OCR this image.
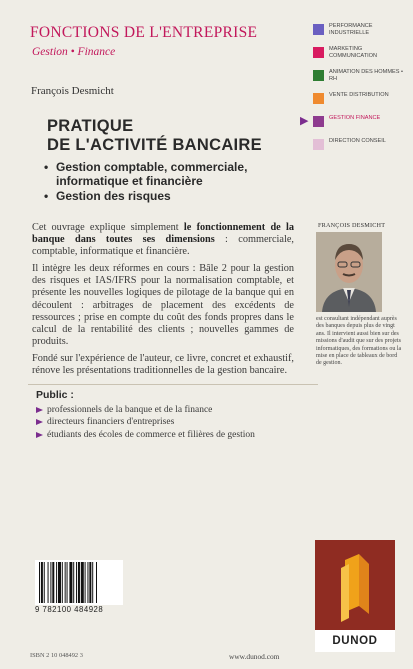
FONCTIONS DE L'ENTREPRISE
Gestion • Finance
François Desmicht
PRATIQUE
DE L'ACTIVITÉ BANCAIRE
• Gestion comptable, commerciale, informatique et financière
• Gestion des risques
PERFORMANCE INDUSTRIELLE
MARKETING COMMUNICATION
ANIMATION DES HOMMES • RH
VENTE DISTRIBUTION
▶	GESTION FINANCE
DIRECTION CONSEIL

Cet ouvrage explique simplement le fonctionnement de la banque dans toutes ses dimensions : commerciale, comptable, informatique et financière.

Il intègre les deux réformes en cours : Bâle 2 pour la gestion des risques et IAS/IFRS pour la normalisation comptable, et présente les nouvelles logiques de pilotage de la banque qui en découlent : arbitrages de placement des excédents de ressources ; prise en compte du coût des fonds propres dans le calcul de la rentabilité des clients ; nouvelles gammes de produits.

Fondé sur l'expérience de l'auteur, ce livre, concret et exhaustif, rénove les présentations traditionnelles de la gestion bancaire.

FRANÇOIS DESMICHT
est consultant indépendant auprès des banques depuis plus de vingt ans. Il intervient aussi bien sur des missions d'audit que sur des projets informatiques, des formations ou la mise en place de tableaux de bord de gestion.
Public :
professionnels de la banque et de la finance
directeurs financiers d'entreprises
étudiants des écoles de commerce et filières de gestion
9 782100 484928
ISBN 2 10 048492 3	www.dunod.com
DUNOD
